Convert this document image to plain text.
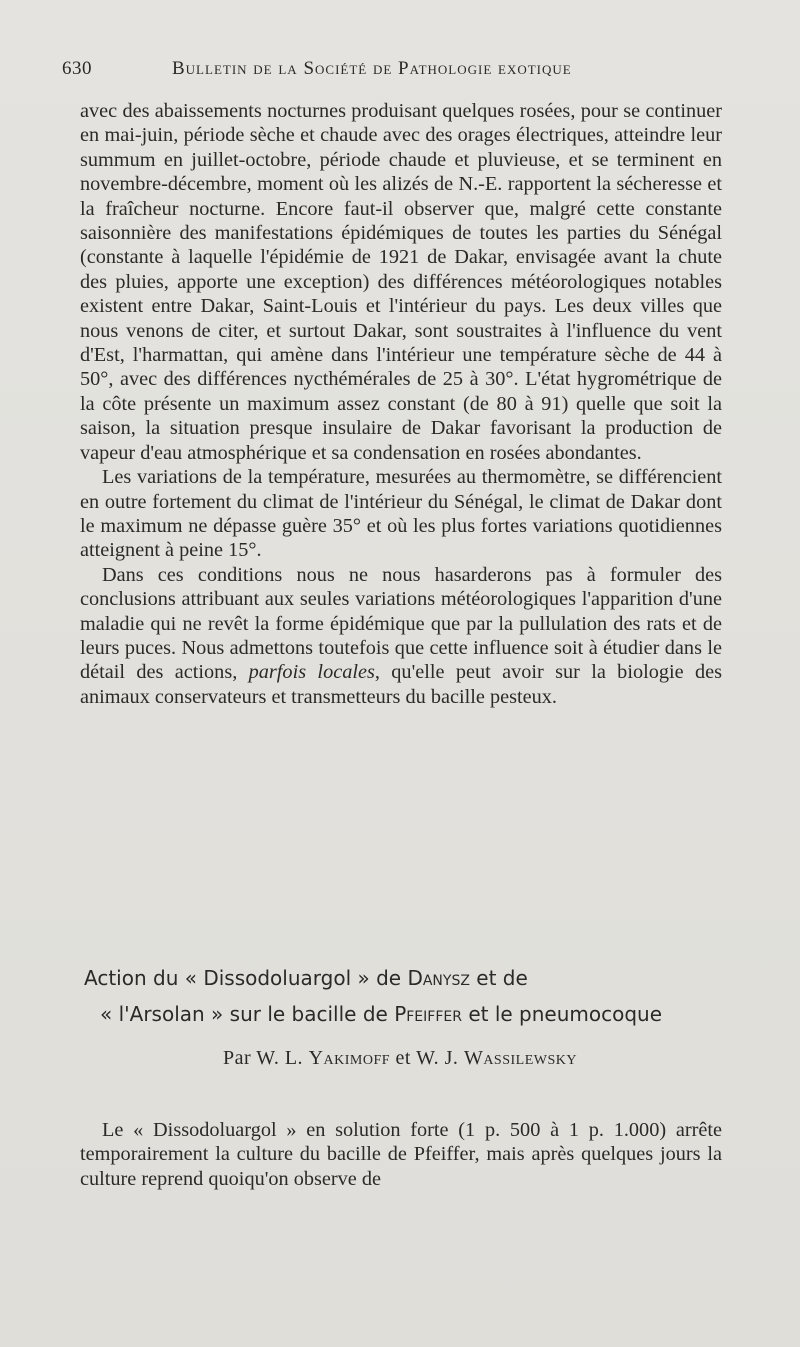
630	Bulletin de la Société de Pathologie exotique

avec des abaissements nocturnes produisant quelques rosées, pour se continuer en mai-juin, période sèche et chaude avec des orages électriques, atteindre leur summum en juillet-octobre, période chaude et pluvieuse, et se terminent en novembre-décembre, moment où les alizés de N.-E. rapportent la sécheresse et la fraîcheur nocturne. Encore faut-il observer que, malgré cette constante saisonnière des manifestations épidémiques de toutes les parties du Sénégal (constante à laquelle l'épidémie de 1921 de Dakar, envisagée avant la chute des pluies, apporte une exception) des différences météorologiques notables existent entre Dakar, Saint-Louis et l'intérieur du pays. Les deux villes que nous venons de citer, et surtout Dakar, sont soustraites à l'influence du vent d'Est, l'harmattan, qui amène dans l'intérieur une température sèche de 44 à 50°, avec des différences nycthémérales de 25 à 30°. L'état hygrométrique de la côte présente un maximum assez constant (de 80 à 91) quelle que soit la saison, la situation presque insulaire de Dakar favorisant la production de vapeur d'eau atmosphérique et sa condensation en rosées abondantes.

Les variations de la température, mesurées au thermomètre, se différencient en outre fortement du climat de l'intérieur du Sénégal, le climat de Dakar dont le maximum ne dépasse guère 35° et où les plus fortes variations quotidiennes atteignent à peine 15°.

Dans ces conditions nous ne nous hasarderons pas à formuler des conclusions attribuant aux seules variations météorologiques l'apparition d'une maladie qui ne revêt la forme épidémique que par la pullulation des rats et de leurs puces. Nous admettons toutefois que cette influence soit à étudier dans le détail des actions, parfois locales, qu'elle peut avoir sur la biologie des animaux conservateurs et transmetteurs du bacille pesteux.

Action du « Dissodoluargol » de Danysz et de
« l'Arsolan » sur le bacille de Pfeiffer et le pneumocoque
Par W. L. Yakimoff et W. J. Wassilewsky

Le « Dissodoluargol » en solution forte (1 p. 500 à 1 p. 1.000) arrête temporairement la culture du bacille de Pfeiffer, mais après quelques jours la culture reprend quoiqu'on observe de
